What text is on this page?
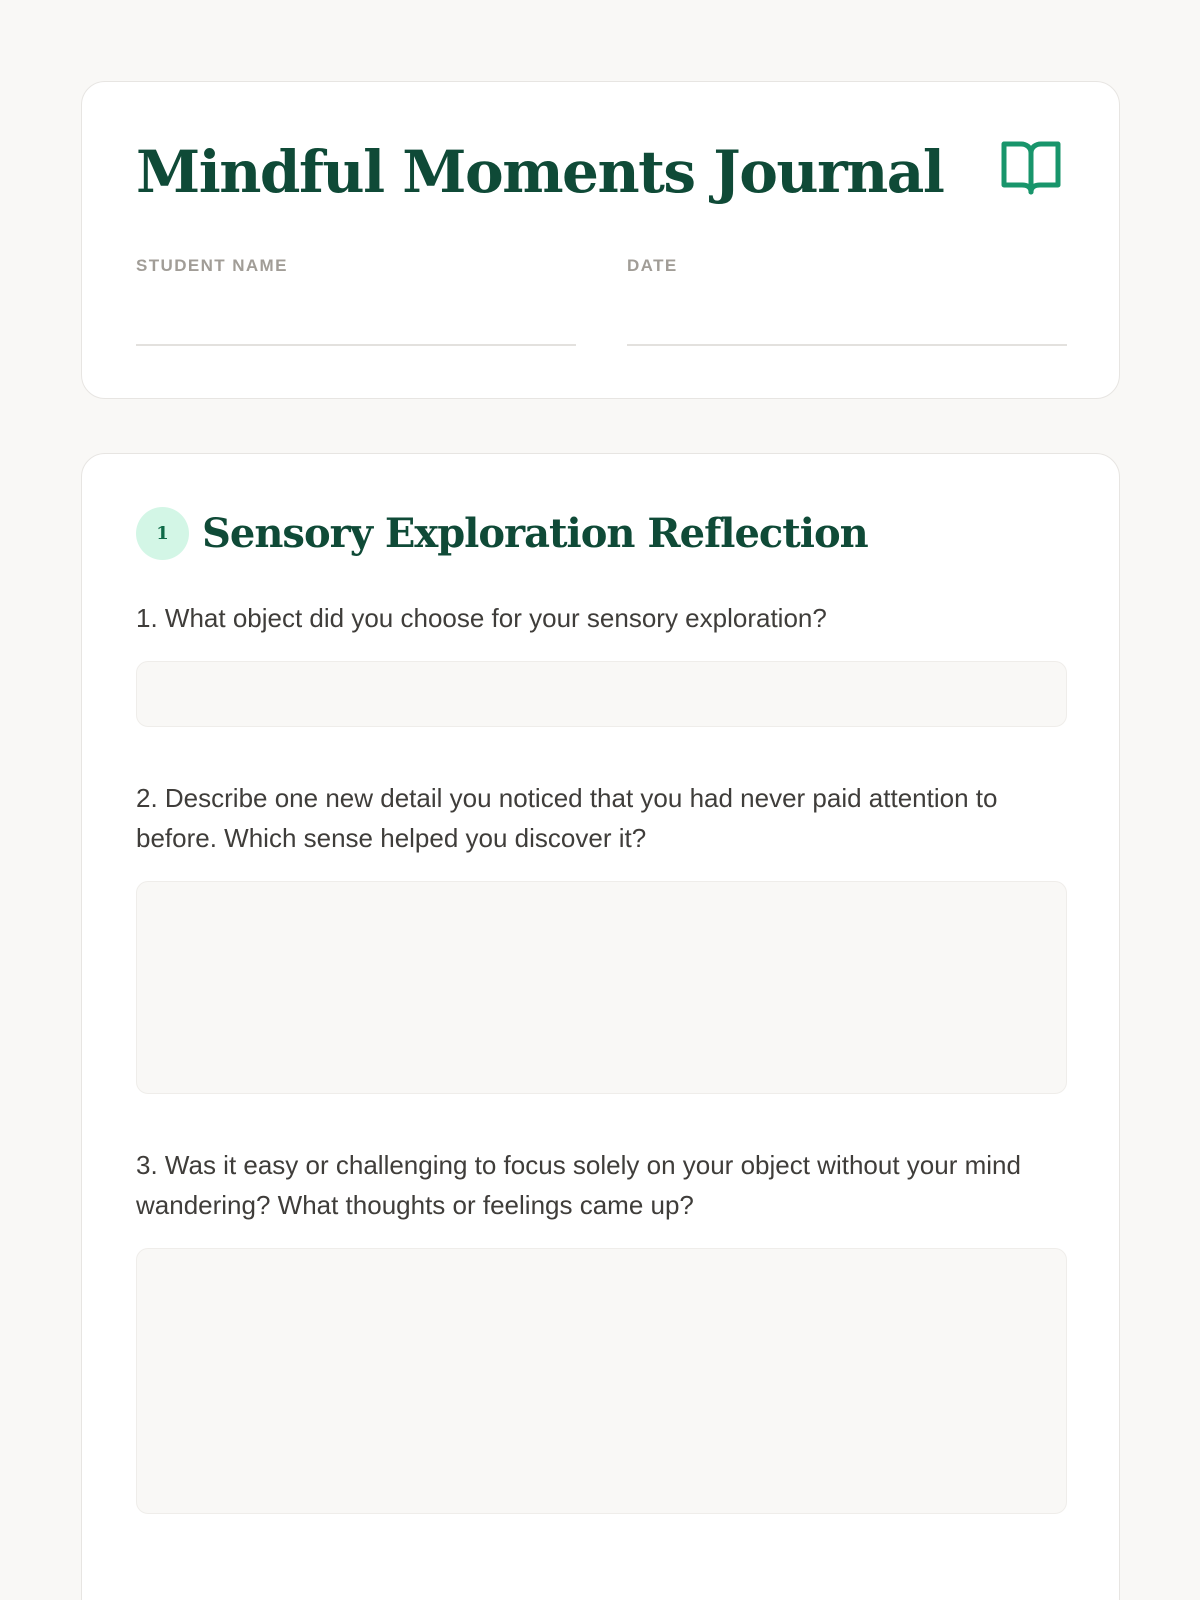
Mindful Moments Journal
STUDENT NAME	DATE
1 Sensory Exploration Reflection

1. What object did you choose for your sensory exploration?

2. Describe one new detail you noticed that you had never paid attention to before. Which sense helped you discover it?

3. Was it easy or challenging to focus solely on your object without your mind wandering? What thoughts or feelings came up?
